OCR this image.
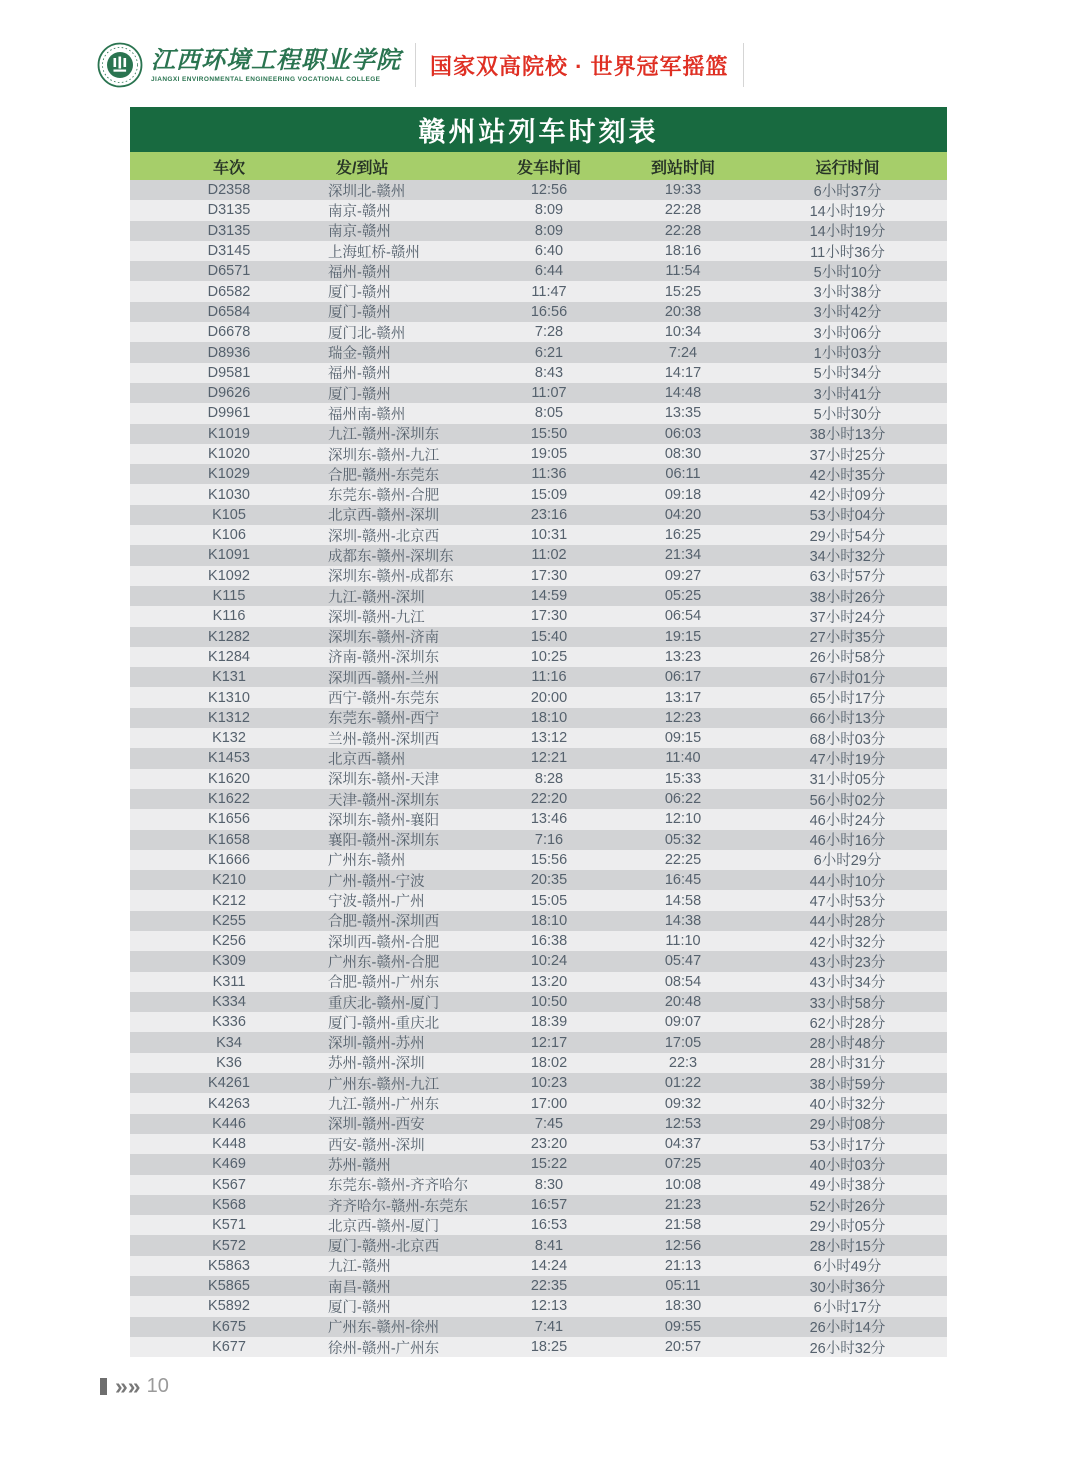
江西环境工程职业学院
JIANGXI ENVIRONMENTAL ENGINEERING VOCATIONAL COLLEGE
国家双高院校 · 世界冠军摇篮
赣州站列车时刻表
车次	发/到站	发车时间	到站时间	运行时间
D2358	深圳北-赣州	12:56	19:33	6小时37分
D3135	南京-赣州	8:09	22:28	14小时19分
D3135	南京-赣州	8:09	22:28	14小时19分
D3145	上海虹桥-赣州	6:40	18:16	11小时36分
D6571	福州-赣州	6:44	11:54	5小时10分
D6582	厦门-赣州	11:47	15:25	3小时38分
D6584	厦门-赣州	16:56	20:38	3小时42分
D6678	厦门北-赣州	7:28	10:34	3小时06分
D8936	瑞金-赣州	6:21	7:24	1小时03分
D9581	福州-赣州	8:43	14:17	5小时34分
D9626	厦门-赣州	11:07	14:48	3小时41分
D9961	福州南-赣州	8:05	13:35	5小时30分
K1019	九江-赣州-深圳东	15:50	06:03	38小时13分
K1020	深圳东-赣州-九江	19:05	08:30	37小时25分
K1029	合肥-赣州-东莞东	11:36	06:11	42小时35分
K1030	东莞东-赣州-合肥	15:09	09:18	42小时09分
K105	北京西-赣州-深圳	23:16	04:20	53小时04分
K106	深圳-赣州-北京西	10:31	16:25	29小时54分
K1091	成都东-赣州-深圳东	11:02	21:34	34小时32分
K1092	深圳东-赣州-成都东	17:30	09:27	63小时57分
K115	九江-赣州-深圳	14:59	05:25	38小时26分
K116	深圳-赣州-九江	17:30	06:54	37小时24分
K1282	深圳东-赣州-济南	15:40	19:15	27小时35分
K1284	济南-赣州-深圳东	10:25	13:23	26小时58分
K131	深圳西-赣州-兰州	11:16	06:17	67小时01分
K1310	西宁-赣州-东莞东	20:00	13:17	65小时17分
K1312	东莞东-赣州-西宁	18:10	12:23	66小时13分
K132	兰州-赣州-深圳西	13:12	09:15	68小时03分
K1453	北京西-赣州	12:21	11:40	47小时19分
K1620	深圳东-赣州-天津	8:28	15:33	31小时05分
K1622	天津-赣州-深圳东	22:20	06:22	56小时02分
K1656	深圳东-赣州-襄阳	13:46	12:10	46小时24分
K1658	襄阳-赣州-深圳东	7:16	05:32	46小时16分
K1666	广州东-赣州	15:56	22:25	6小时29分
K210	广州-赣州-宁波	20:35	16:45	44小时10分
K212	宁波-赣州-广州	15:05	14:58	47小时53分
K255	合肥-赣州-深圳西	18:10	14:38	44小时28分
K256	深圳西-赣州-合肥	16:38	11:10	42小时32分
K309	广州东-赣州-合肥	10:24	05:47	43小时23分
K311	合肥-赣州-广州东	13:20	08:54	43小时34分
K334	重庆北-赣州-厦门	10:50	20:48	33小时58分
K336	厦门-赣州-重庆北	18:39	09:07	62小时28分
K34	深圳-赣州-苏州	12:17	17:05	28小时48分
K36	苏州-赣州-深圳	18:02	22:3	28小时31分
K4261	广州东-赣州-九江	10:23	01:22	38小时59分
K4263	九江-赣州-广州东	17:00	09:32	40小时32分
K446	深圳-赣州-西安	7:45	12:53	29小时08分
K448	西安-赣州-深圳	23:20	04:37	53小时17分
K469	苏州-赣州	15:22	07:25	40小时03分
K567	东莞东-赣州-齐齐哈尔	8:30	10:08	49小时38分
K568	齐齐哈尔-赣州-东莞东	16:57	21:23	52小时26分
K571	北京西-赣州-厦门	16:53	21:58	29小时05分
K572	厦门-赣州-北京西	8:41	12:56	28小时15分
K5863	九江-赣州	14:24	21:13	6小时49分
K5865	南昌-赣州	22:35	05:11	30小时36分
K5892	厦门-赣州	12:13	18:30	6小时17分
K675	广州东-赣州-徐州	7:41	09:55	26小时14分
K677	徐州-赣州-广州东	18:25	20:57	26小时32分
»» 10
